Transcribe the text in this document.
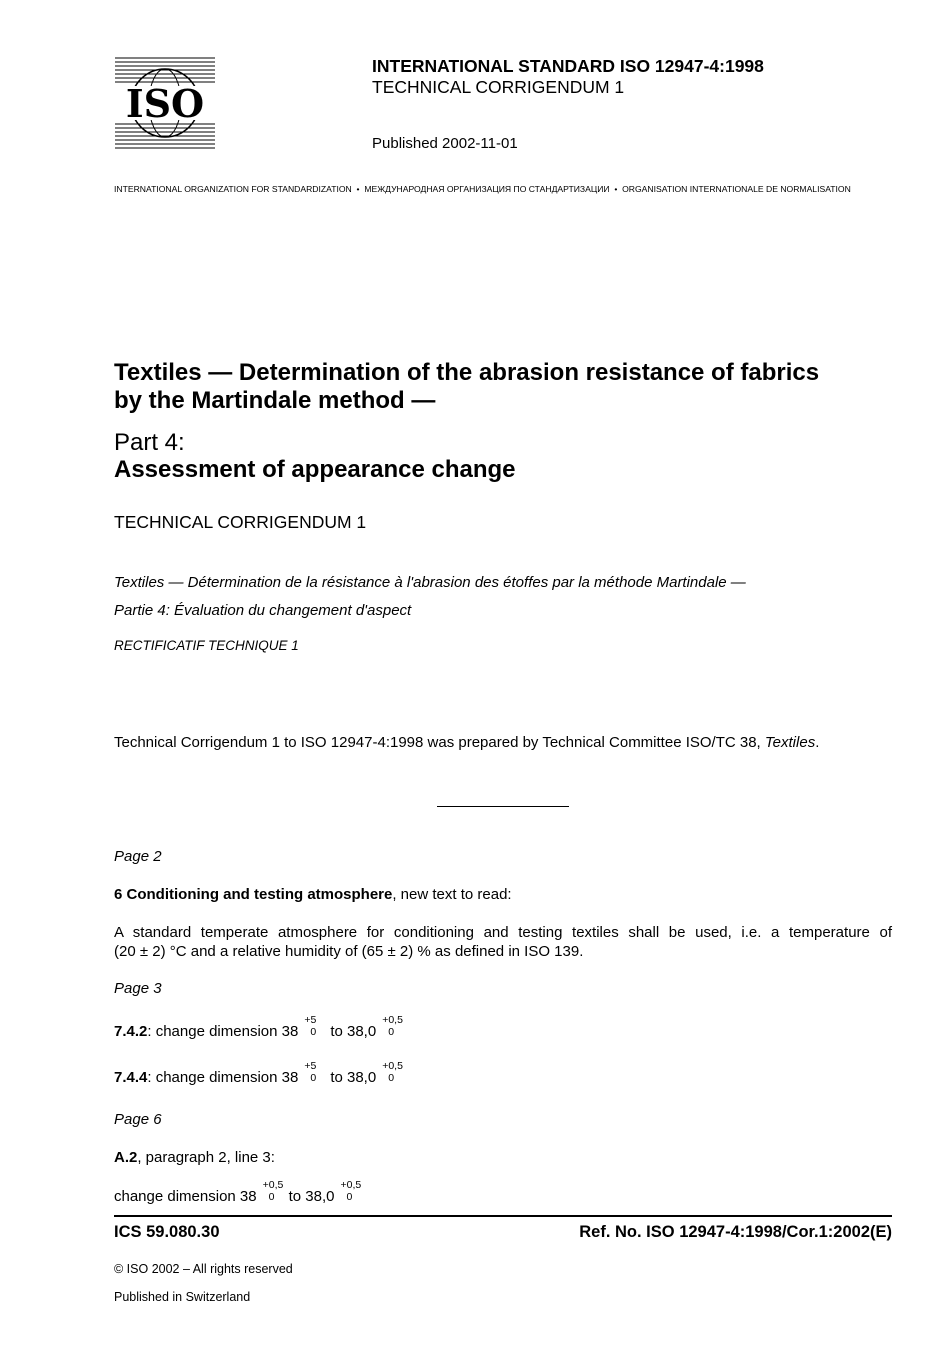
ISO
INTERNATIONAL STANDARD ISO 12947-4:1998
TECHNICAL CORRIGENDUM 1
Published 2002-11-01
INTERNATIONAL ORGANIZATION FOR STANDARDIZATION  •  МЕЖДУНАРОДНАЯ ОРГАНИЗАЦИЯ ПО СТАНДАРТИЗАЦИИ  •  ORGANISATION INTERNATIONALE DE NORMALISATION
Textiles — Determination of the abrasion resistance of fabrics
by the Martindale method —
Part 4:
Assessment of appearance change
TECHNICAL CORRIGENDUM 1
Textiles — Détermination de la résistance à l'abrasion des étoffes par la méthode Martindale —
Partie 4: Évaluation du changement d'aspect
RECTIFICATIF TECHNIQUE 1
Technical Corrigendum 1 to ISO 12947-4:1998 was prepared by Technical Committee ISO/TC 38, Textiles.
Page 2
6 Conditioning and testing atmosphere, new text to read:
A standard temperate atmosphere for conditioning and testing textiles shall be used, i.e. a temperature of
(20 ± 2) °C and a relative humidity of (65 ± 2) % as defined in ISO 139.
Page 3
7.4.2: change dimension 38
+5
0 to 38,0
+0,5
0
7.4.4: change dimension 38
+5
0 to 38,0
+0,5
0
Page 6
A.2, paragraph 2, line 3:
change dimension 38
+0,5
0 to 38,0
+0,5
0
ICS 59.080.30	Ref. No. ISO 12947-4:1998/Cor.1:2002(E)
© ISO 2002 – All rights reserved
Published in Switzerland
